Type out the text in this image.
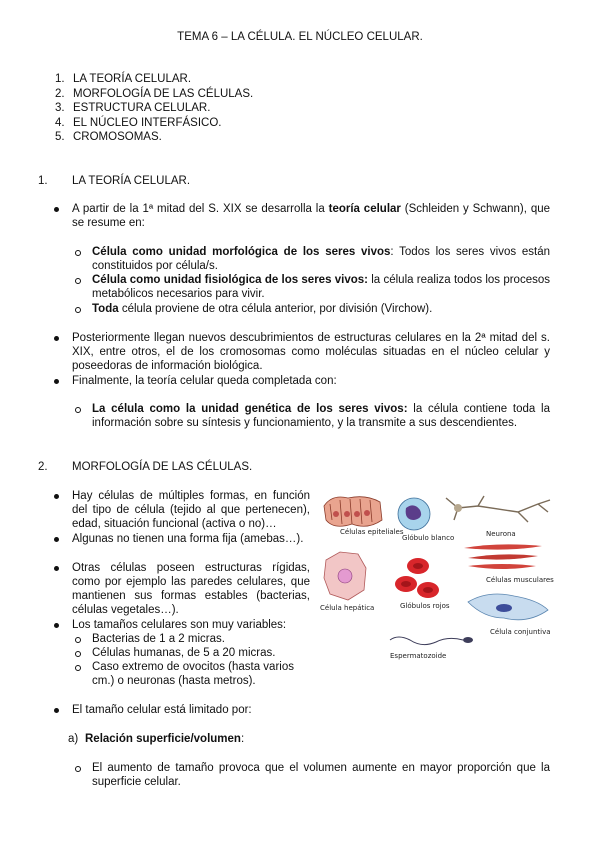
TEMA 6 – LA CÉLULA. EL NÚCLEO CELULAR.
1. LA TEORÍA CELULAR.
2. MORFOLOGÍA DE LAS CÉLULAS.
3. ESTRUCTURA CELULAR.
4. EL NÚCLEO INTERFÁSICO.
5. CROMOSOMAS.
1. LA TEORÍA CELULAR.
A partir de la 1ª mitad del S. XIX se desarrolla la teoría celular (Schleiden y Schwann), que se resume en:
Célula como unidad morfológica de los seres vivos: Todos los seres vivos están constituidos por célula/s.
Célula como unidad fisiológica de los seres vivos: la célula realiza todos los procesos metabólicos necesarios para vivir.
Toda célula proviene de otra célula anterior, por división (Virchow).
Posteriormente llegan nuevos descubrimientos de estructuras celulares en la 2ª mitad del s. XIX, entre otros, el de los cromosomas como moléculas situadas en el núcleo celular y poseedoras de información biológica.
Finalmente, la teoría celular queda completada con:
La célula como la unidad genética de los seres vivos: la célula contiene toda la información sobre su síntesis y funcionamiento, y la transmite a sus descendientes.
2. MORFOLOGÍA DE LAS CÉLULAS.
Hay células de múltiples formas, en función del tipo de célula (tejido al que pertenecen), edad, situación funcional (activa o no)…
Algunas no tienen una forma fija (amebas…).
Otras células poseen estructuras rígidas, como por ejemplo las paredes celulares, que mantienen sus formas estables (bacterias, células vegetales…).
Los tamaños celulares son muy variables:
Bacterias de 1 a 2 micras.
Células humanas, de 5 a 20 micras.
Caso extremo de ovocitos (hasta varios cm.) o neuronas (hasta metros).
El tamaño celular está limitado por:
a) Relación superficie/volumen:
El aumento de tamaño provoca que el volumen aumente en mayor proporción que la superficie celular.
Células epiteliales
Glóbulo blanco	Neurona
Células musculares
Célula hepática	Glóbulos rojos
Célula conjuntiva
Espermatozoide
